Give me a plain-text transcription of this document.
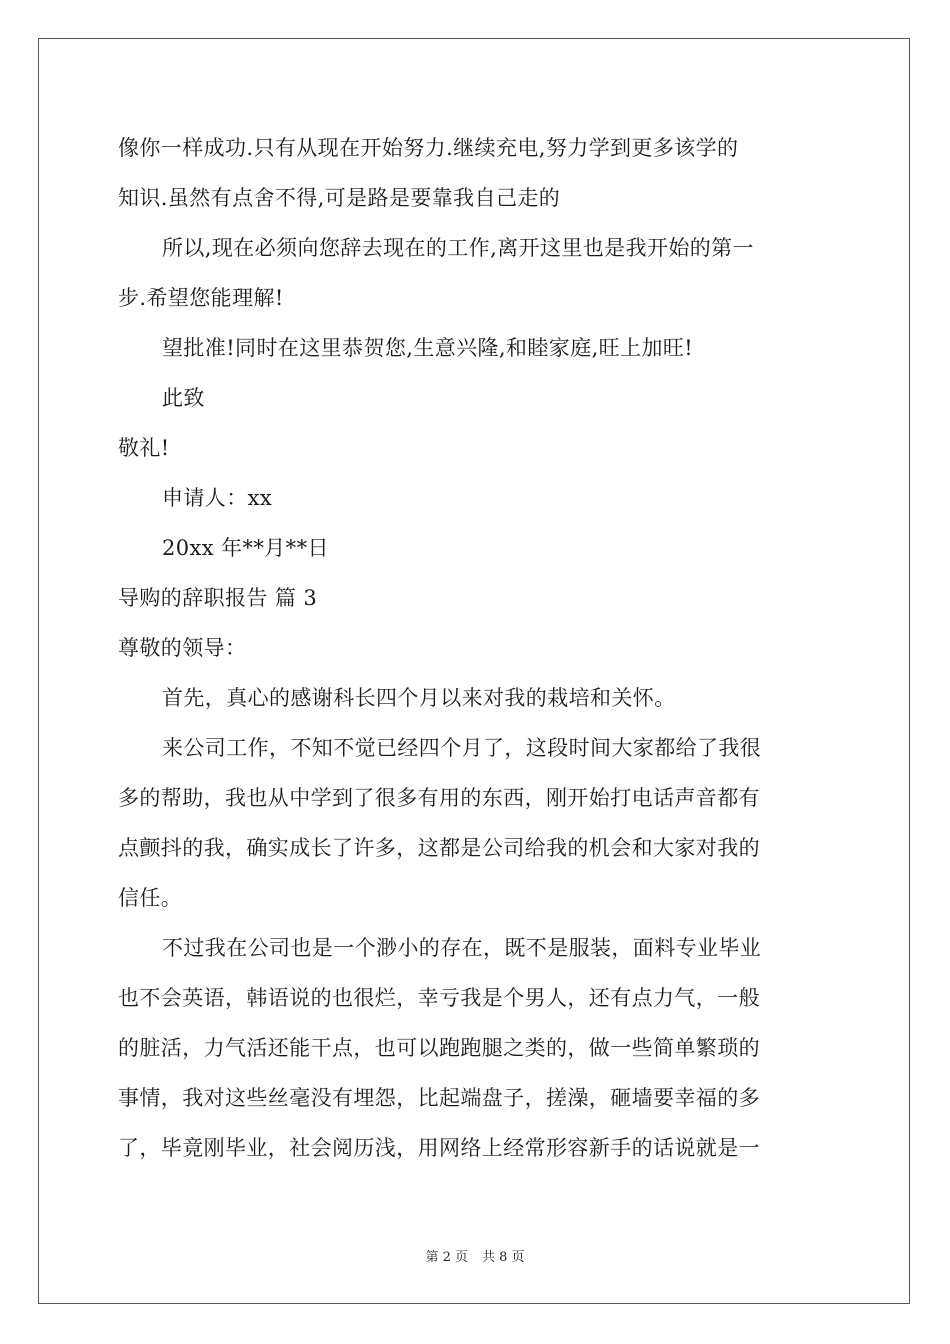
像你一样成功.只有从现在开始努力.继续充电,努力学到更多该学的
知识.虽然有点舍不得,可是路是要靠我自己走的
所以,现在必须向您辞去现在的工作,离开这里也是我开始的第一
步.希望您能理解!
望批准!同时在这里恭贺您,生意兴隆,和睦家庭,旺上加旺!
此致
敬礼!
申请人：xx
20xx 年**月**日
导购的辞职报告 篇 3
尊敬的领导：
首先，真心的感谢科长四个月以来对我的栽培和关怀。
来公司工作，不知不觉已经四个月了，这段时间大家都给了我很
多的帮助，我也从中学到了很多有用的东西，刚开始打电话声音都有
点颤抖的我，确实成长了许多，这都是公司给我的机会和大家对我的
信任。
不过我在公司也是一个渺小的存在，既不是服装，面料专业毕业
也不会英语，韩语说的也很烂，幸亏我是个男人，还有点力气，一般
的脏活，力气活还能干点，也可以跑跑腿之类的，做一些简单繁琐的
事情，我对这些丝毫没有埋怨，比起端盘子，搓澡，砸墙要幸福的多
了，毕竟刚毕业，社会阅历浅，用网络上经常形容新手的话说就是一
第 2 页 共 8 页
